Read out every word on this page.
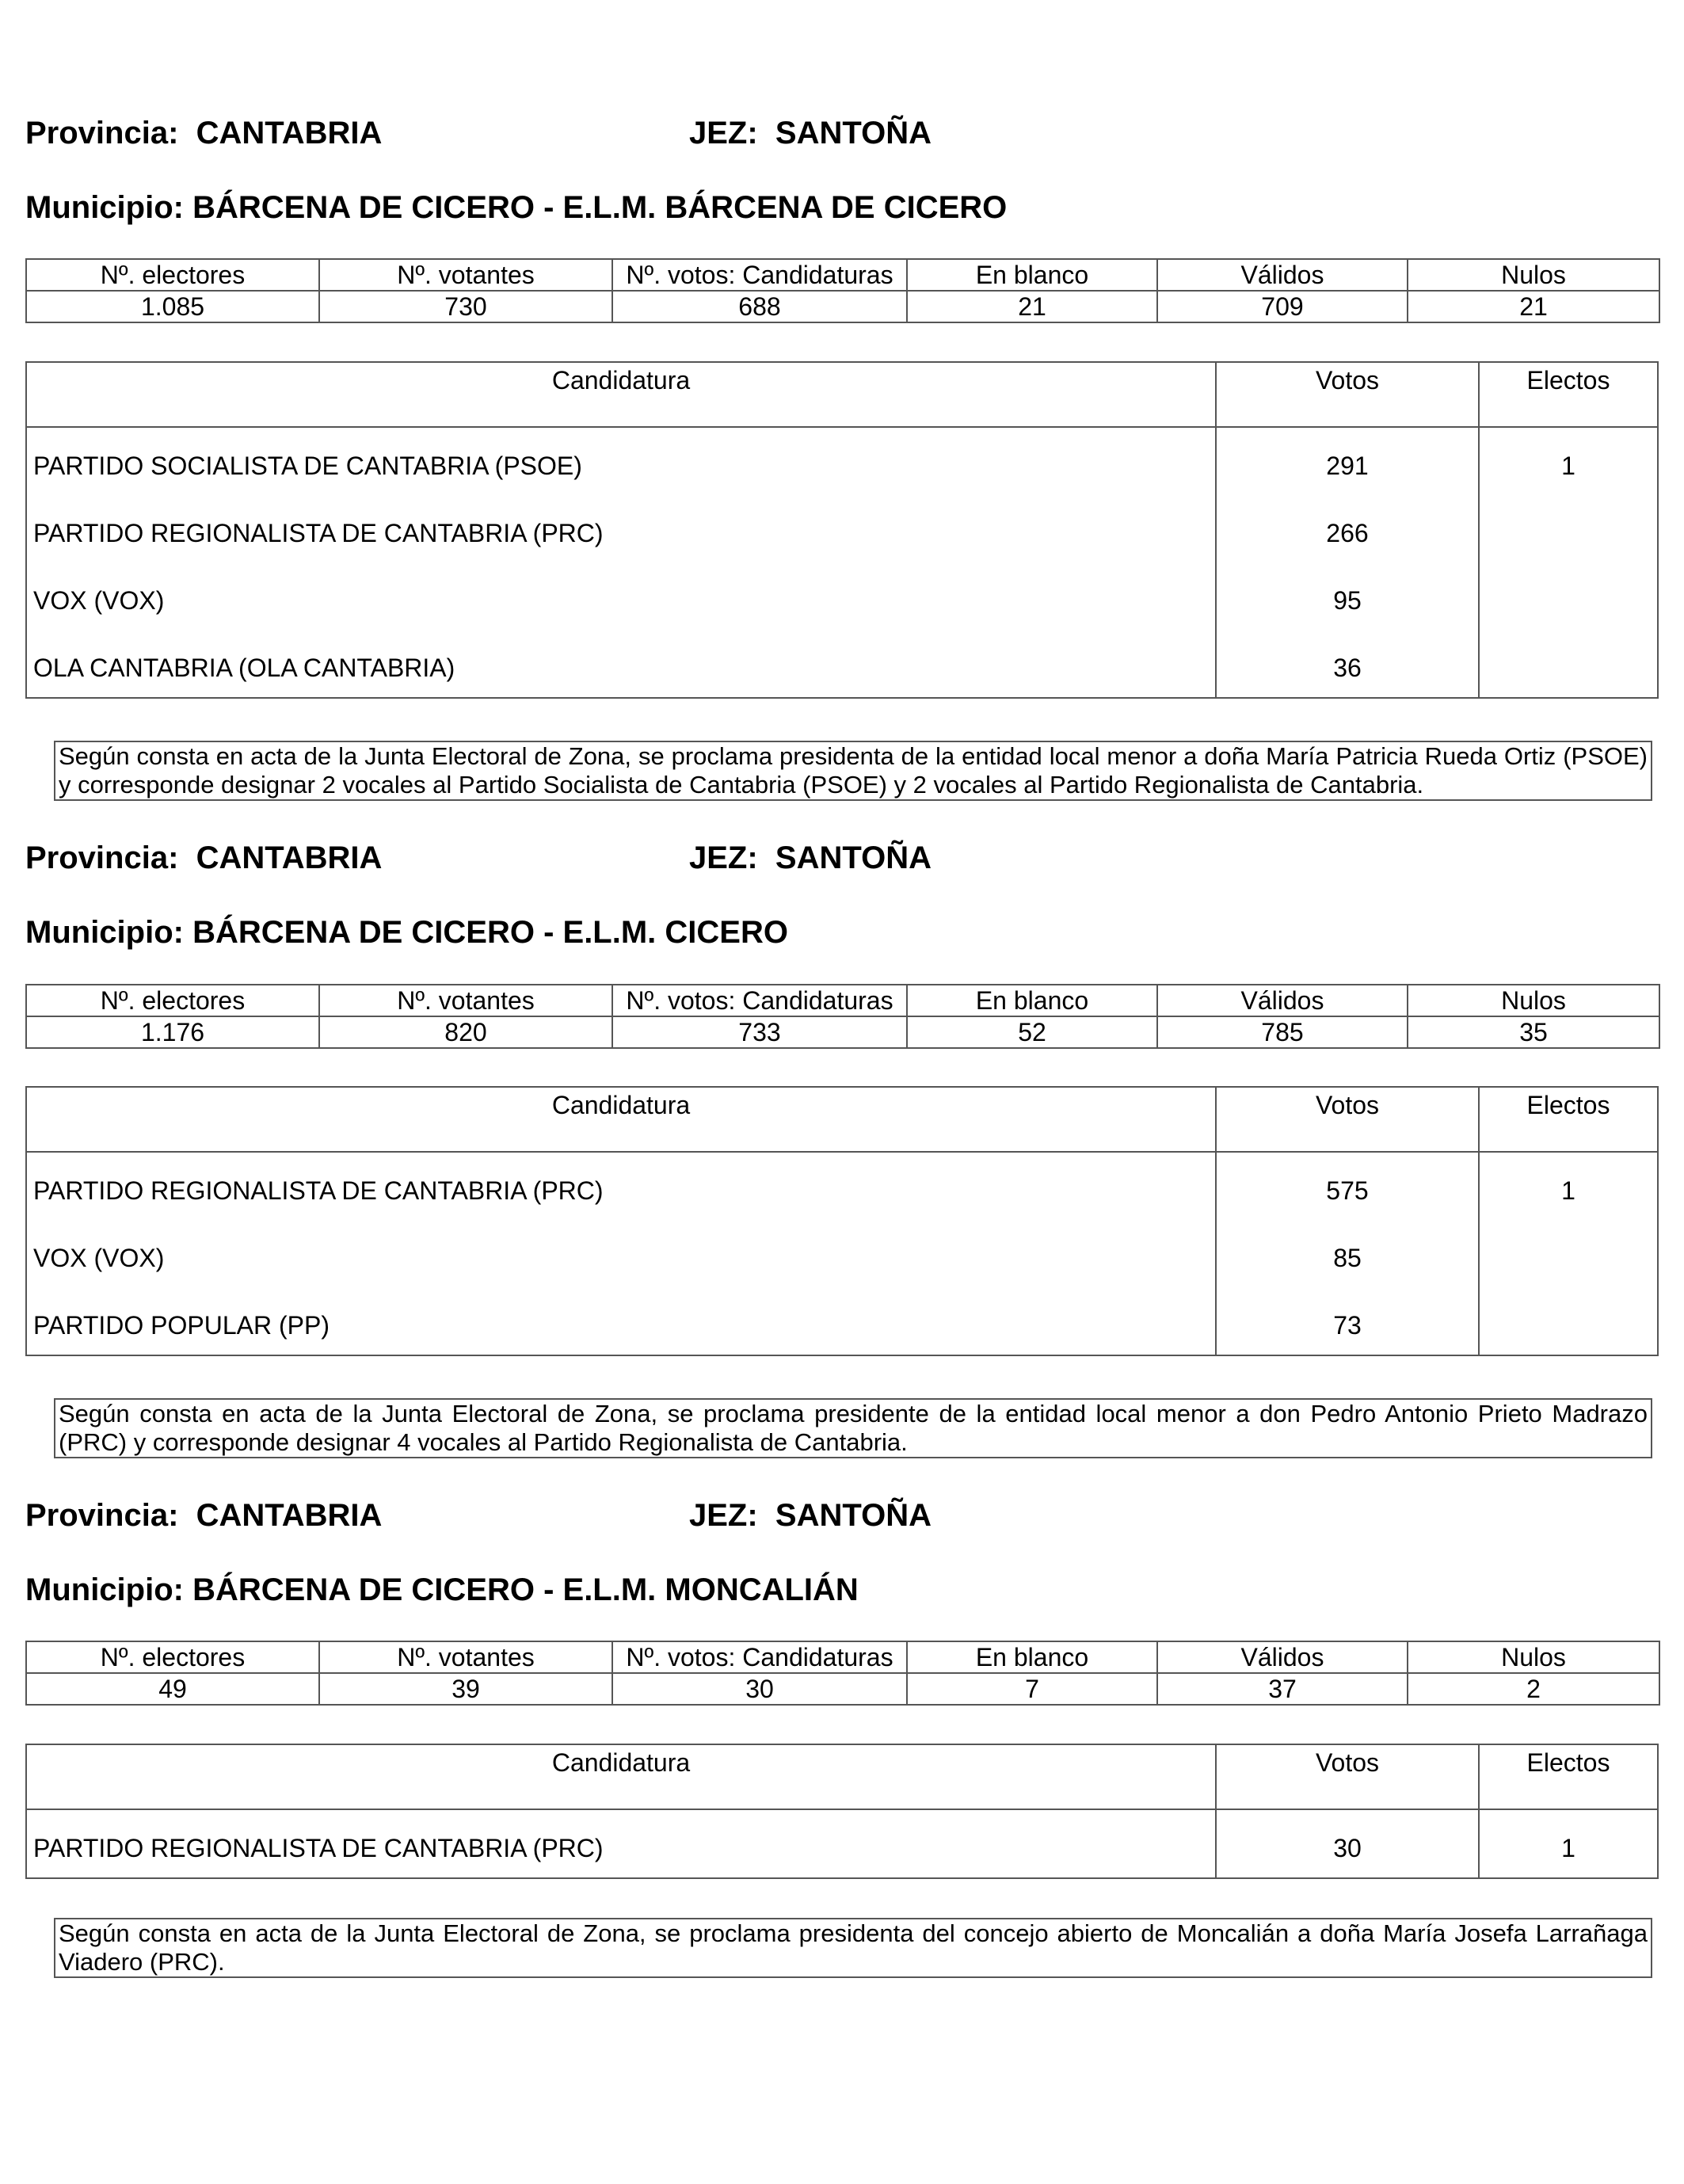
Provincia: CANTABRIA	JEZ: SANTOÑA
Municipio: BÁRCENA DE CICERO - E.L.M. BÁRCENA DE CICERO
Nº. electores	Nº. votantes	Nº. votos: Candidaturas	En blanco	Válidos	Nulos
1.085	730	688	21	709	21
Candidatura	Votos	Electos
PARTIDO SOCIALISTA DE CANTABRIA (PSOE)	291	1
PARTIDO REGIONALISTA DE CANTABRIA (PRC)	266
VOX (VOX)	95
OLA CANTABRIA (OLA CANTABRIA)	36
Según consta en acta de la Junta Electoral de Zona, se proclama presidenta de la entidad local menor a doña María Patricia Rueda Ortiz (PSOE) y corresponde designar 2 vocales al Partido Socialista de Cantabria (PSOE) y 2 vocales al Partido Regionalista de Cantabria.
Provincia: CANTABRIA	JEZ: SANTOÑA
Municipio: BÁRCENA DE CICERO - E.L.M. CICERO
Nº. electores	Nº. votantes	Nº. votos: Candidaturas	En blanco	Válidos	Nulos
1.176	820	733	52	785	35
Candidatura	Votos	Electos
PARTIDO REGIONALISTA DE CANTABRIA (PRC)	575	1
VOX (VOX)	85
PARTIDO POPULAR (PP)	73
Según consta en acta de la Junta Electoral de Zona, se proclama presidente de la entidad local menor a don Pedro Antonio Prieto Madrazo (PRC) y corresponde designar 4 vocales al Partido Regionalista de Cantabria.
Provincia: CANTABRIA	JEZ: SANTOÑA
Municipio: BÁRCENA DE CICERO - E.L.M. MONCALIÁN
Nº. electores	Nº. votantes	Nº. votos: Candidaturas	En blanco	Válidos	Nulos
49	39	30	7	37	2
Candidatura	Votos	Electos
PARTIDO REGIONALISTA DE CANTABRIA (PRC)	30	1
Según consta en acta de la Junta Electoral de Zona, se proclama presidenta del concejo abierto de Moncalián a doña María Josefa Larrañaga Viadero (PRC).
